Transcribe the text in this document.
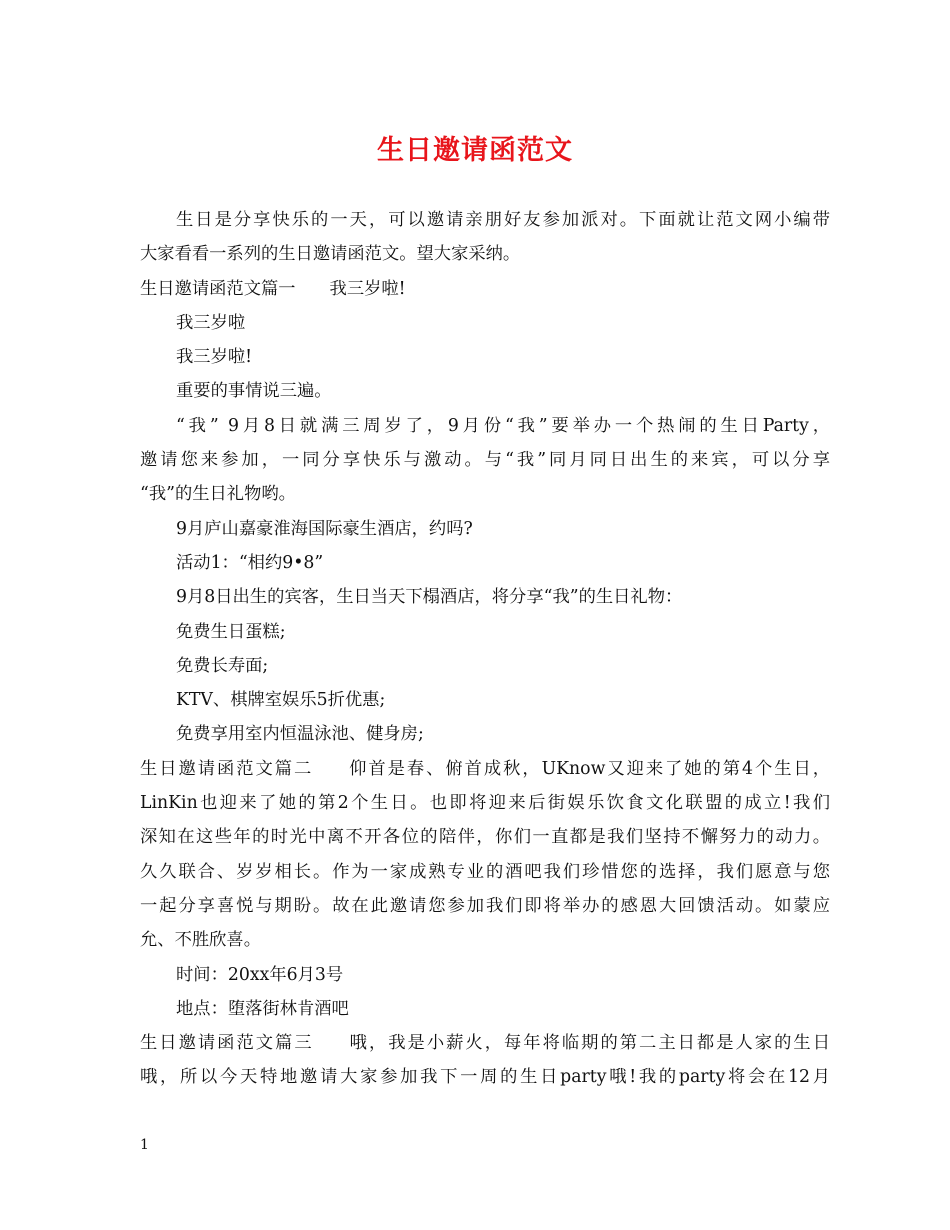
生日邀请函范文

生日是分享快乐的一天，可以邀请亲朋好友参加派对。下面就让范文网小编带

大家看看一系列的生日邀请函范文。望大家采纳。

生日邀请函范文篇一 我三岁啦!

我三岁啦

我三岁啦!

重要的事情说三遍。

“我” 9月8日就满三周岁了，9月份“我”要举办一个热闹的生日Party，

邀请您来参加，一同分享快乐与激动。与“我”同月同日出生的来宾，可以分享

“我”的生日礼物哟。

9月庐山嘉豪淮海国际豪生酒店，约吗?

活动1：“相约9•8”

9月8日出生的宾客，生日当天下榻酒店，将分享“我”的生日礼物：

免费生日蛋糕;

免费长寿面;

KTV、棋牌室娱乐5折优惠;

免费享用室内恒温泳池、健身房;

生日邀请函范文篇二 仰首是春、俯首成秋，UKnow又迎来了她的第4个生日，

LinKin也迎来了她的第2个生日。也即将迎来后街娱乐饮食文化联盟的成立!我们

深知在这些年的时光中离不开各位的陪伴，你们一直都是我们坚持不懈努力的动力。

久久联合、岁岁相长。作为一家成熟专业的酒吧我们珍惜您的选择，我们愿意与您

一起分享喜悦与期盼。故在此邀请您参加我们即将举办的感恩大回馈活动。如蒙应

允、不胜欣喜。

时间：20xx年6月3号

地点：堕落街林肯酒吧

生日邀请函范文篇三 哦，我是小薪火，每年将临期的第二主日都是人家的生日

哦，所以今天特地邀请大家参加我下一周的生日party哦!我的party将会在12月

1
